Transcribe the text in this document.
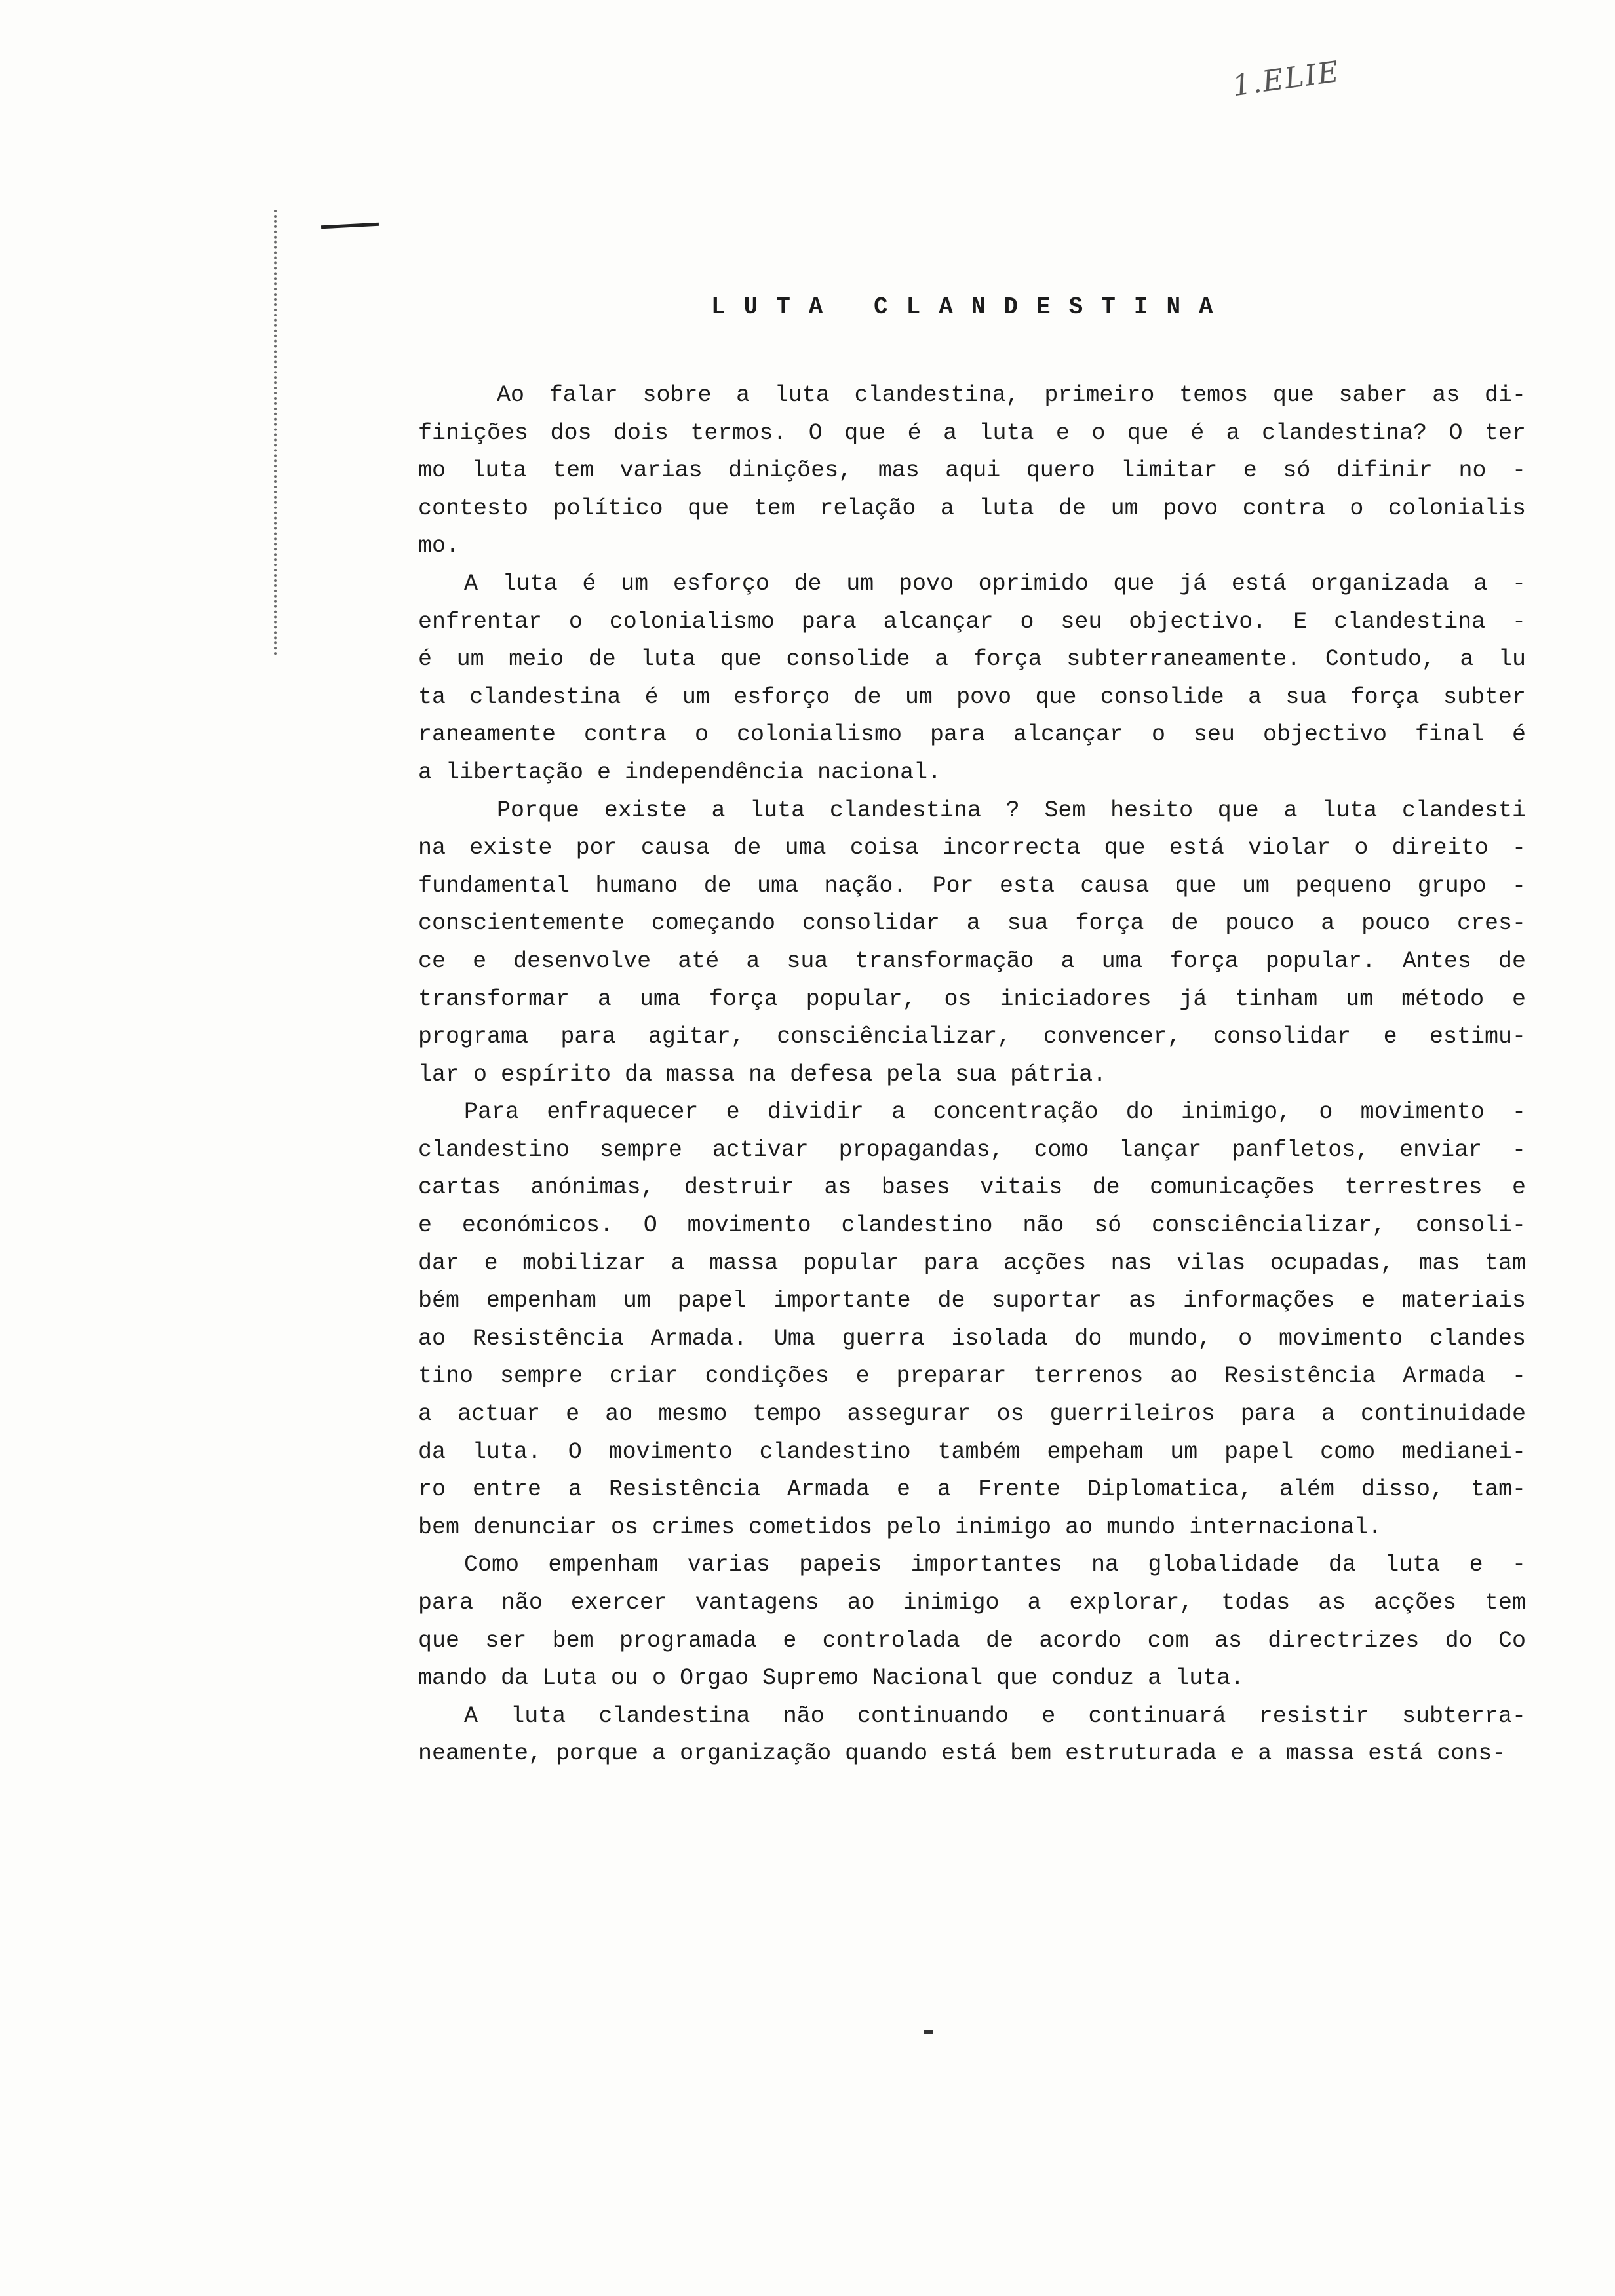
1.ELIE
LUTA CLANDESTINA
Ao falar sobre a luta clandestina, primeiro temos que saber as di-
finições dos dois termos. O que é a luta e o que é a clandestina? O ter
mo luta tem varias dinições, mas aqui quero limitar e só difinir no -
contesto político que tem relação a luta de um povo contra o colonialis
mo.
A luta é um esforço de um povo oprimido que já está organizada a -
enfrentar o colonialismo para alcançar o seu objectivo. E clandestina -
é um meio de luta que consolide a força subterraneamente. Contudo, a lu
ta clandestina é um esforço de um povo que consolide a sua força subter
raneamente contra o colonialismo para alcançar o seu objectivo final é
a libertação e independência nacional.
Porque existe a luta clandestina ? Sem hesito que a luta clandesti
na existe por causa de uma coisa incorrecta que está violar o direito -
fundamental humano de uma nação. Por esta causa que um pequeno grupo -
conscientemente começando consolidar a sua força de pouco a pouco cres-
ce e desenvolve até a sua transformação a uma força popular. Antes de
transformar a uma força popular, os iniciadores já tinham um método e
programa para agitar, consciêncializar, convencer, consolidar e estimu-
lar o espírito da massa na defesa pela sua pátria.
Para enfraquecer e dividir a concentração do inimigo, o movimento -
clandestino sempre activar propagandas, como lançar panfletos, enviar -
cartas anónimas, destruir as bases vitais de comunicações terrestres e
e económicos. O movimento clandestino não só consciêncializar, consoli-
dar e mobilizar a massa popular para acções nas vilas ocupadas, mas tam
bém empenham um papel importante de suportar as informações e materiais
ao Resistência Armada. Uma guerra isolada do mundo, o movimento clandes
tino sempre criar condições e preparar terrenos ao Resistência Armada -
a actuar e ao mesmo tempo assegurar os guerrileiros para a continuidade
da luta. O movimento clandestino também empeham um papel como medianei-
ro entre a Resistência Armada e a Frente Diplomatica, além disso, tam-
bem denunciar os crimes cometidos pelo inimigo ao mundo internacional.
Como empenham varias papeis importantes na globalidade da luta e -
para não exercer vantagens ao inimigo a explorar, todas as acções tem
que ser bem programada e controlada de acordo com as directrizes do Co
mando da Luta ou o Orgao Supremo Nacional que conduz a luta.
A luta clandestina não continuando e continuará resistir subterra-
neamente, porque a organização quando está bem estruturada e a massa está cons-
